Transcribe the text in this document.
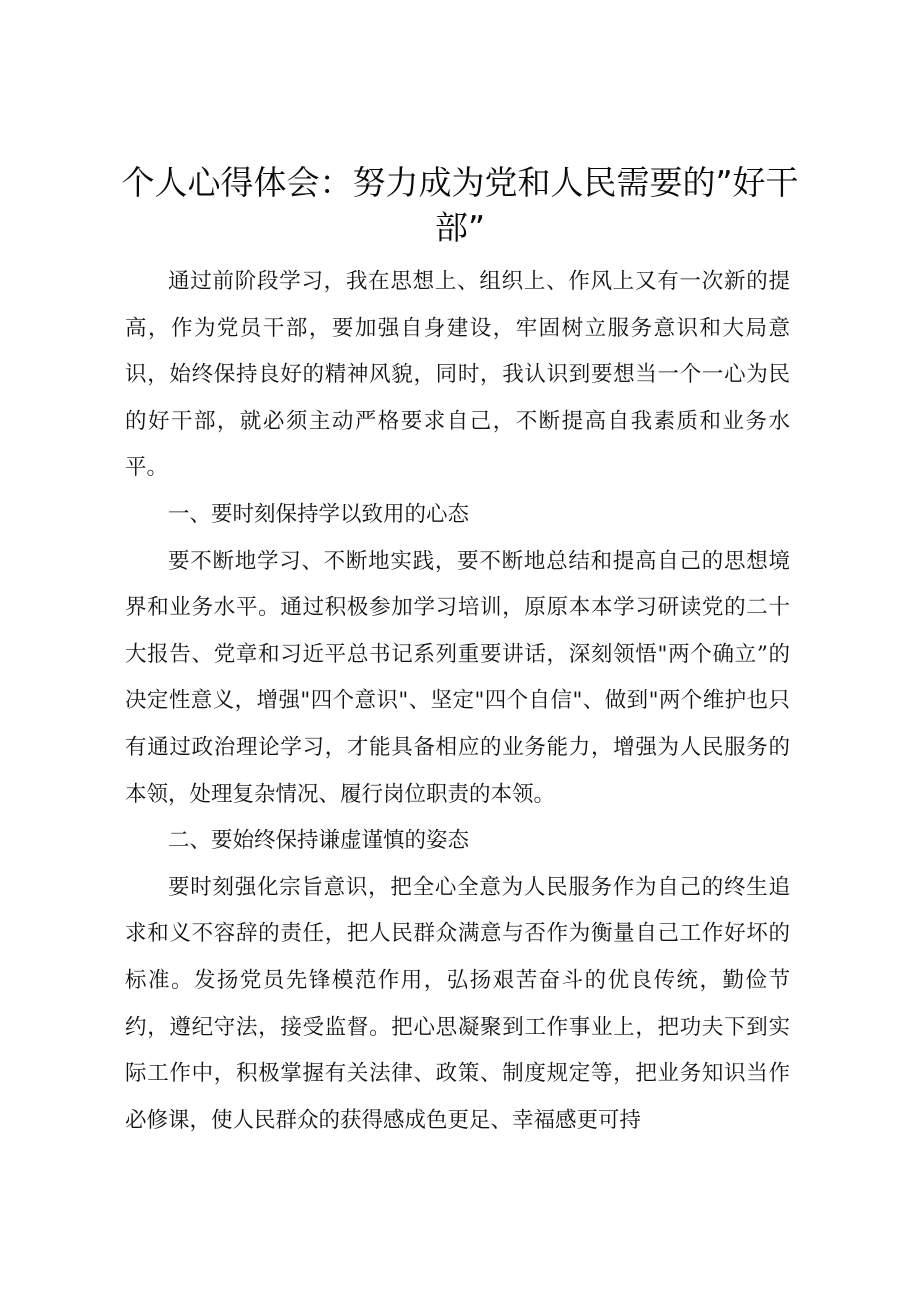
个人心得体会：努力成为党和人民需要的”好干部”

通过前阶段学习，我在思想上、组织上、作风上又有一次新的提高，作为党员干部，要加强自身建设，牢固树立服务意识和大局意识，始终保持良好的精神风貌，同时，我认识到要想当一个一心为民的好干部，就必须主动严格要求自己，不断提高自我素质和业务水平。

一、要时刻保持学以致用的心态

要不断地学习、不断地实践，要不断地总结和提高自己的思想境界和业务水平。通过积极参加学习培训，原原本本学习研读党的二十大报告、党章和习近平总书记系列重要讲话，深刻领悟"两个确立”的决定性意义，增强"四个意识"、坚定"四个自信"、做到"两个维护也只有通过政治理论学习，才能具备相应的业务能力，增强为人民服务的本领，处理复杂情况、履行岗位职责的本领。

二、要始终保持谦虚谨慎的姿态

要时刻强化宗旨意识，把全心全意为人民服务作为自己的终生追求和义不容辞的责任，把人民群众满意与否作为衡量自己工作好坏的标准。发扬党员先锋模范作用，弘扬艰苦奋斗的优良传统，勤俭节约，遵纪守法，接受监督。把心思凝聚到工作事业上，把功夫下到实际工作中，积极掌握有关法律、政策、制度规定等，把业务知识当作必修课，使人民群众的获得感成色更足、幸福感更可持
